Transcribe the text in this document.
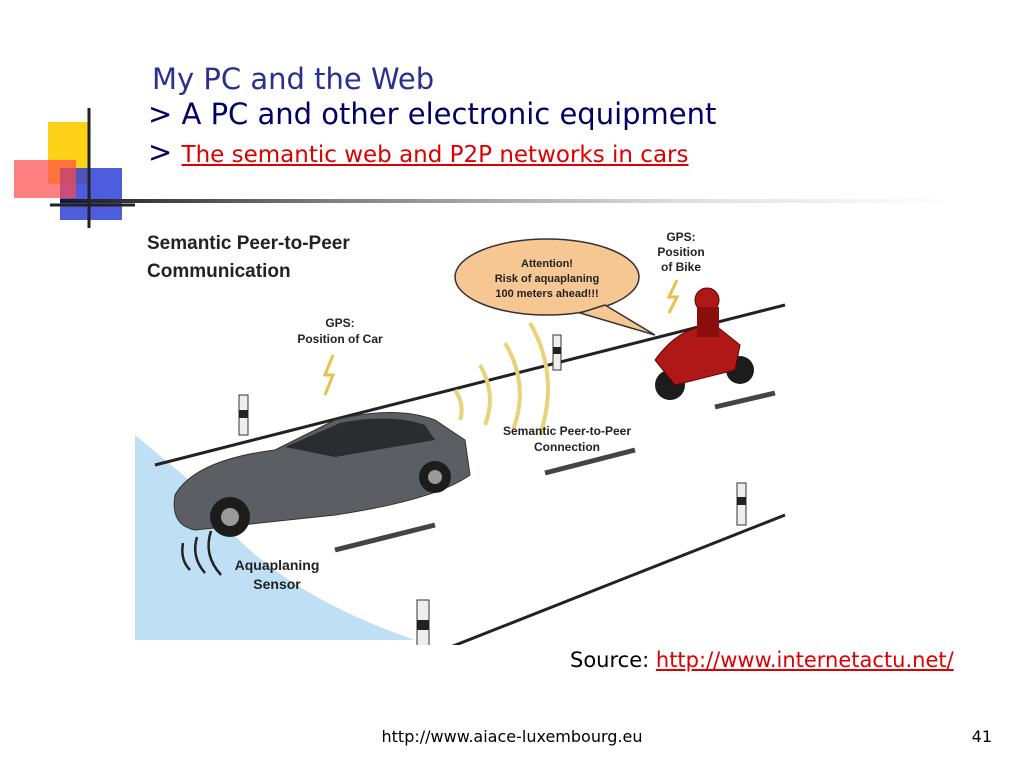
My PC and the Web
> A PC and other electronic equipment
> The semantic web and P2P networks in cars
Semantic Peer-to-Peer
Communication
GPS:
Position of Car
GPS:
Position
of Bike
Attention!
Risk of aquaplaning
100 meters ahead!!!
Semantic Peer-to-Peer
Connection
Aquaplaning
Sensor
Source: http://www.internetactu.net/
http://www.aiace-luxembourg.eu	41
